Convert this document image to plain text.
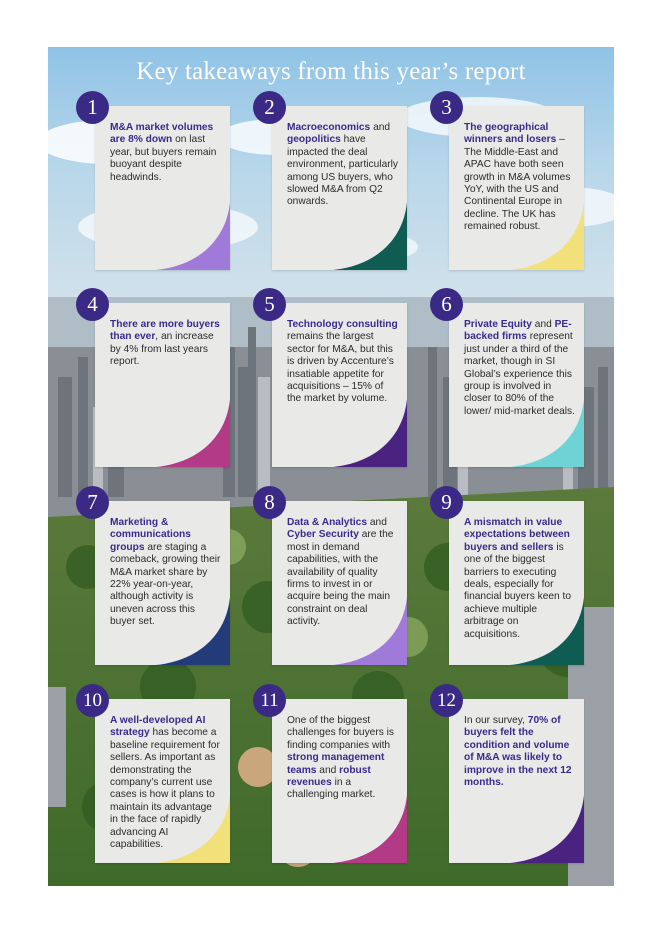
Key takeaways from this year’s report
M&A market volumes are 8% down on last year, but buyers remain buoyant despite headwinds.
1
Macroeconomics and geopolitics have impacted the deal environment, particularly among US buyers, who slowed M&A from Q2 onwards.
2
The geographical winners and losers – The Middle-East and APAC have both seen growth in M&A volumes YoY, with the US and Continental Europe in decline. The UK has remained robust.
3
There are more buyers than ever, an increase by 4% from last years report.
4
Technology consulting remains the largest sector for M&A, but this is driven by Accenture’s insatiable appetite for acquisitions – 15% of the market by volume.
5
Private Equity and PE-backed firms represent just under a third of the market, though in SI Global’s experience this group is involved in closer to 80% of the lower/ mid-market deals.
6
Marketing & communications groups are staging a comeback, growing their M&A market share by 22% year-on-year, although activity is uneven across this buyer set.
7
Data & Analytics and Cyber Security are the most in demand capabilities, with the availability of quality firms to invest in or acquire being the main constraint on deal activity.
8
A mismatch in value expectations between buyers and sellers is one of the biggest barriers to executing deals, especially for financial buyers keen to achieve multiple arbitrage on acquisitions.
9
A well-developed AI strategy has become a baseline requirement for sellers. As important as demonstrating the company’s current use cases is how it plans to maintain its advantage in the face of rapidly advancing AI capabilities.
10
One of the biggest challenges for buyers is finding companies with strong management teams and robust revenues in a challenging market.
11
In our survey, 70% of buyers felt the condition and volume of M&A was likely to improve in the next 12 months.
12
